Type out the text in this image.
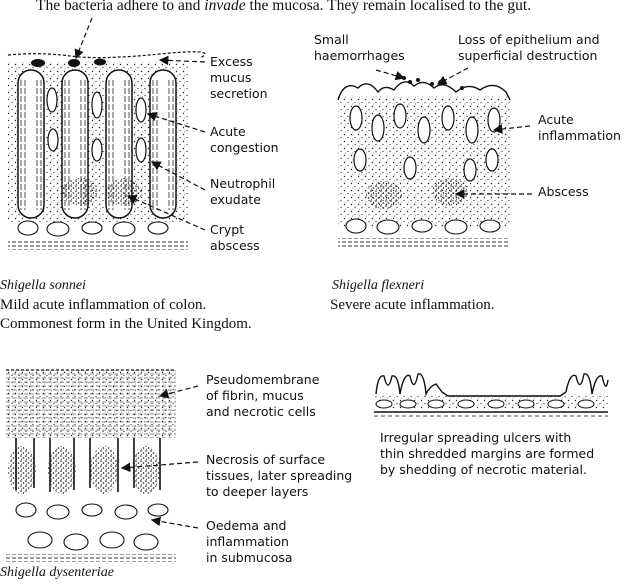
The bacteria adhere to and invade the mucosa. They remain localised to the gut.
Excess
mucus
secretion
Acute
congestion
Neutrophil
exudate
Crypt
abscess
Shigella sonnei
Mild acute inflammation of colon.
Commonest form in the United Kingdom.
Small
haemorrhages
Loss of epithelium and
superficial destruction
Acute
inflammation
Abscess
Shigella flexneri
Severe acute inflammation.
Pseudomembrane
of fibrin, mucus
and necrotic cells
Necrosis of surface
tissues, later spreading
to deeper layers
Oedema and
inflammation
in submucosa
Shigella dysenteriae
Irregular spreading ulcers with
thin shredded margins are formed
by shedding of necrotic material.
